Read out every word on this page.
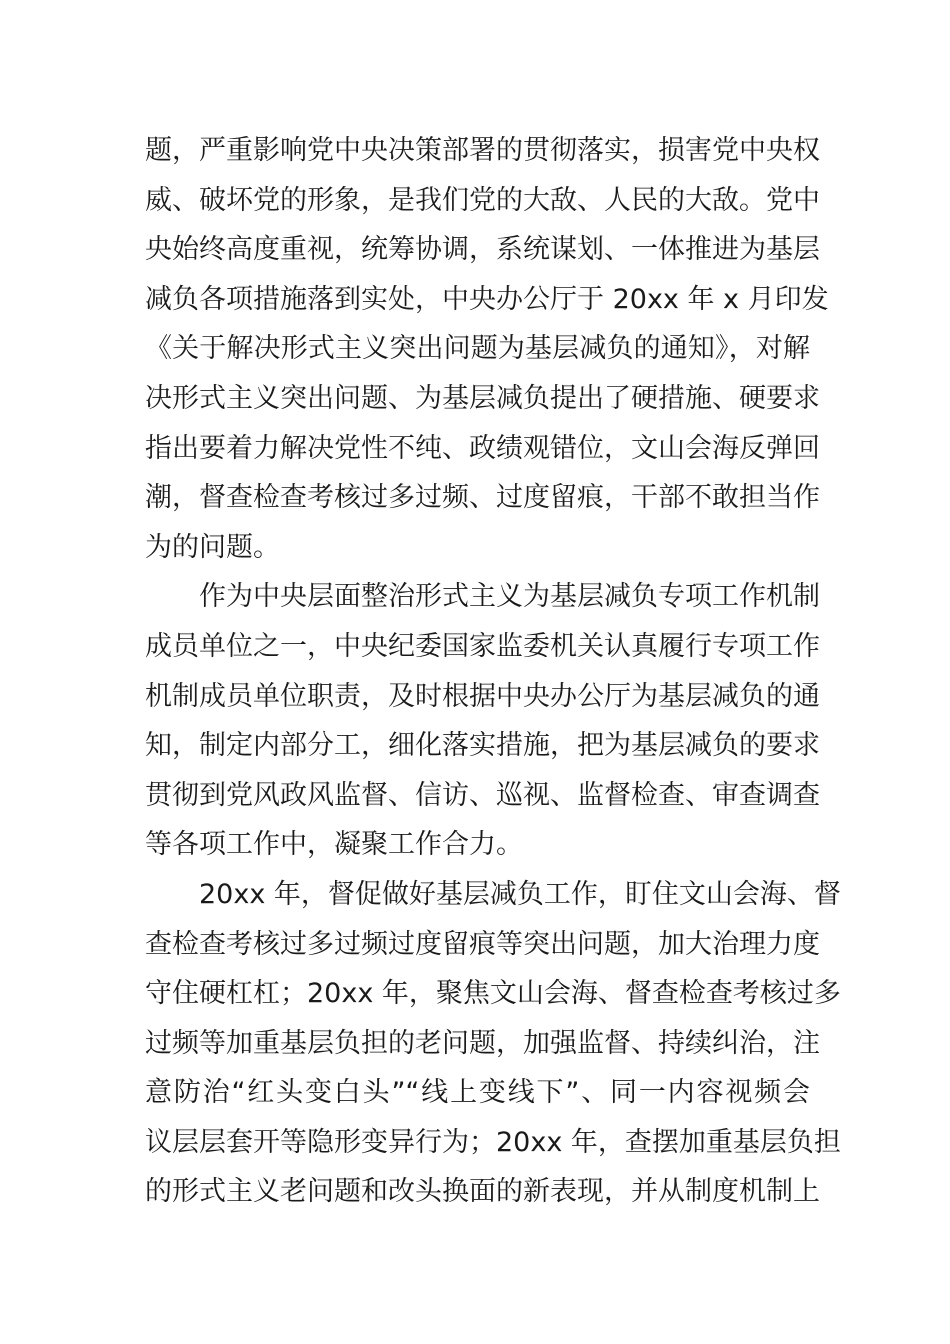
题，严重影响党中央决策部署的贯彻落实，损害党中央权
威、破坏党的形象，是我们党的大敌、人民的大敌。党中
央始终高度重视，统筹协调，系统谋划、一体推进为基层
减负各项措施落到实处，中央办公厅于 20xx 年 x 月印发
《关于解决形式主义突出问题为基层减负的通知》，对解
决形式主义突出问题、为基层减负提出了硬措施、硬要求
指出要着力解决党性不纯、政绩观错位，文山会海反弹回
潮，督查检查考核过多过频、过度留痕，干部不敢担当作
为的问题。
作为中央层面整治形式主义为基层减负专项工作机制
成员单位之一，中央纪委国家监委机关认真履行专项工作
机制成员单位职责，及时根据中央办公厅为基层减负的通
知，制定内部分工，细化落实措施，把为基层减负的要求
贯彻到党风政风监督、信访、巡视、监督检查、审查调查
等各项工作中，凝聚工作合力。
20xx 年，督促做好基层减负工作，盯住文山会海、督
查检查考核过多过频过度留痕等突出问题，加大治理力度
守住硬杠杠；20xx 年，聚焦文山会海、督查检查考核过多
过频等加重基层负担的老问题，加强监督、持续纠治，注
意防治“红头变白头”“线上变线下”、同一内容视频会
议层层套开等隐形变异行为；20xx 年，查摆加重基层负担
的形式主义老问题和改头换面的新表现，并从制度机制上
